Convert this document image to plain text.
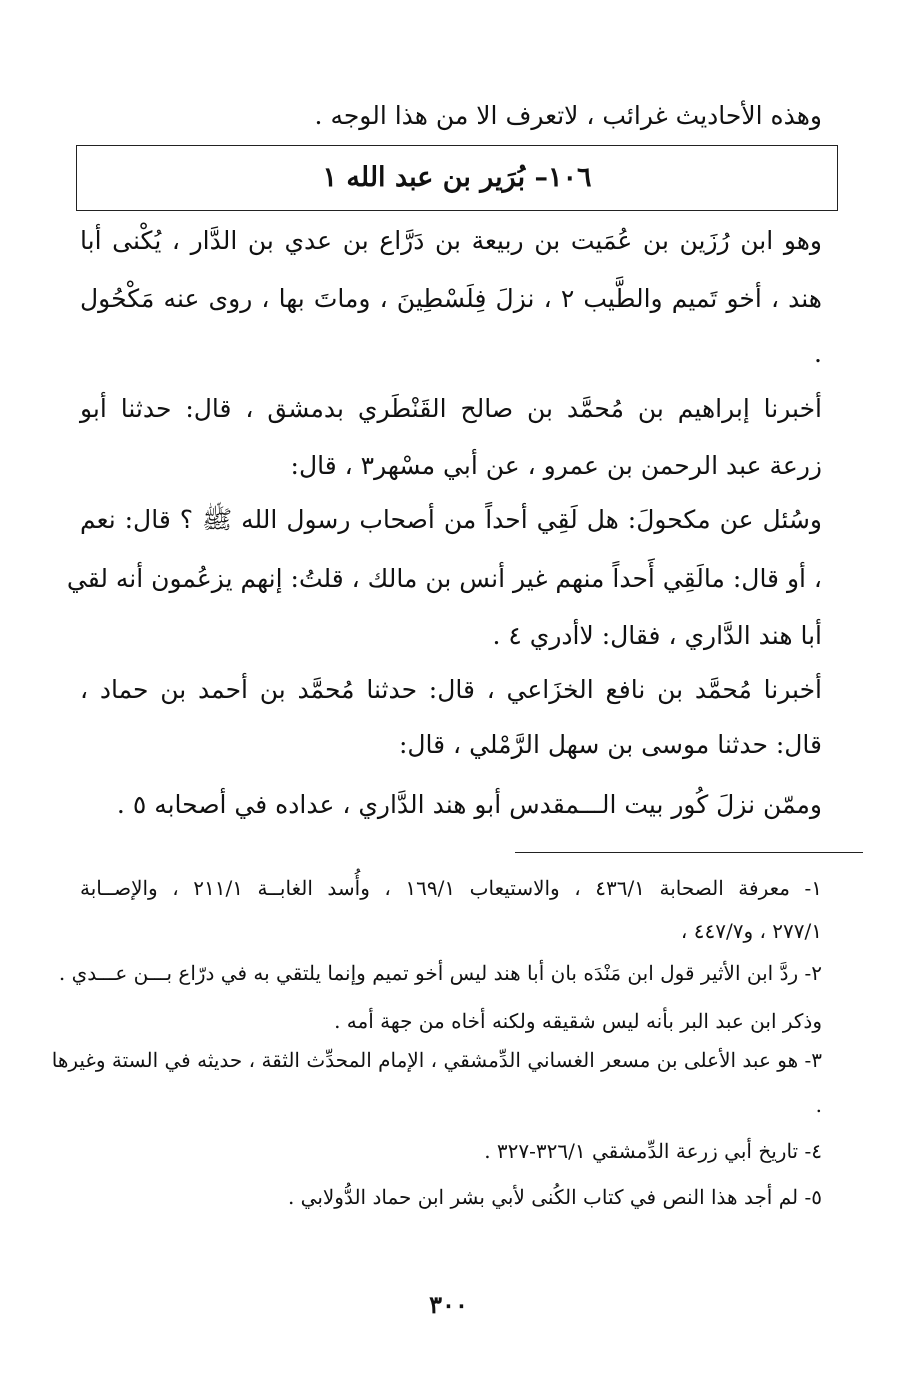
وهذه الأحاديث غرائب ، لاتعرف الا من هذا الوجه .
١٠٦– بُرَير بن عبد الله ١
وهو ابن رُزَين بن عُمَيت بن ربيعة بن دَرَّاع بن عدي بن الدَّار ، يُكْنى أبا
هند ، أخو تَميم والطَّيب ٢ ، نزلَ فِلَسْطِينَ ، وماتَ بها ، روى عنه مَكْحُول
.
أخبرنا إبراهيم بن مُحمَّد بن صالح القَنْطَري بدمشق ، قال: حدثنا أبو
زرعة عبد الرحمن بن عمرو ، عن أبي مسْهر٣ ، قال:
وسُئل عن مكحولَ: هل لَقِي أحداً من أصحاب رسول الله ﷺ ؟ قال: نعم
، أو قال: مالَقِي أَحداً منهم غير أنس بن مالك ، قلتُ: إنهم يزعُمون أنه لقي
أبا هند الدَّاري ، فقال: لاأدري ٤ .
أخبرنا مُحمَّد بن نافع الخزَاعي ، قال: حدثنا مُحمَّد بن أحمد بن حماد ،
قال: حدثنا موسى بن سهل الرَّمْلي ، قال:
وممّن نزلَ كُور بيت الـــمقدس أبو هند الدَّاري ، عداده في أصحابه ٥ .
١- معرفة الصحابة ٤٣٦/١ ، والاستيعاب ١٦٩/١ ، وأُسد الغابــة ٢١١/١ ، والإصــابة
٢٧٧/١ ، و٤٤٧/٧ ،
٢- ردَّ ابن الأثير قول ابن مَنْدَه بان أبا هند ليس أخو تميم وإنما يلتقي به في درّاع بـــن عـــدي .
وذكر ابن عبد البر بأنه ليس شقيقه ولكنه أخاه من جهة أمه .
٣- هو عبد الأعلى بن مسعر الغساني الدِّمشقي ، الإمام المحدِّث الثقة ، حديثه في الستة وغيرها
.
٤- تاريخ أبي زرعة الدِّمشقي ٣٢٦/١-٣٢٧ .
٥- لم أجد هذا النص في كتاب الكُنى لأبي بشر ابن حماد الدُّولابي .
٣٠٠
